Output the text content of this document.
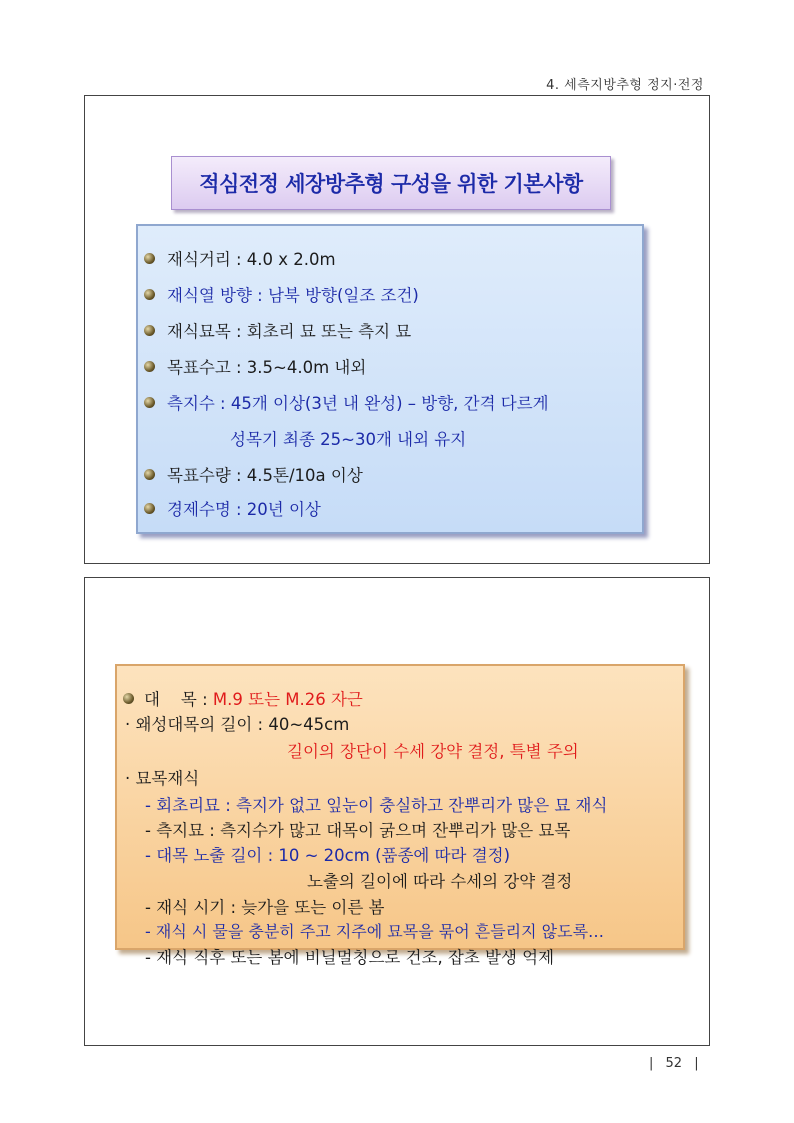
4. 세측지방추형 정지·전정
적심전정 세장방추형 구성을 위한 기본사항
재식거리 : 4.0 x 2.0m
재식열 방향 : 남북 방향(일조 조건)
재식묘목 : 회초리 묘 또는 측지 묘
목표수고 : 3.5~4.0m 내외
측지수 : 45개 이상(3년 내 완성) – 방향, 간격 다르게
성목기 최종 25~30개 내외 유지
목표수량 : 4.5톤/10a 이상
경제수명 : 20년 이상
대    목 : M.9 또는 M.26 자근
· 왜성대목의 길이 : 40~45cm
길이의 장단이 수세 강약 결정, 특별 주의
· 묘목재식
- 회초리묘 : 측지가 없고 잎눈이 충실하고 잔뿌리가 많은 묘 재식
- 측지묘 : 측지수가 많고 대목이 굵으며 잔뿌리가 많은 묘목
- 대목 노출 길이 : 10 ~ 20cm (품종에 따라 결정)
노출의 길이에 따라 수세의 강약 결정
- 재식 시기 : 늦가을 또는 이른 봄
- 재식 시 물을 충분히 주고 지주에 묘목을 묶어 흔들리지 않도록…
- 재식 직후 또는 봄에 비닐멀칭으로 건조, 잡초 발생 억제
| 52 |
